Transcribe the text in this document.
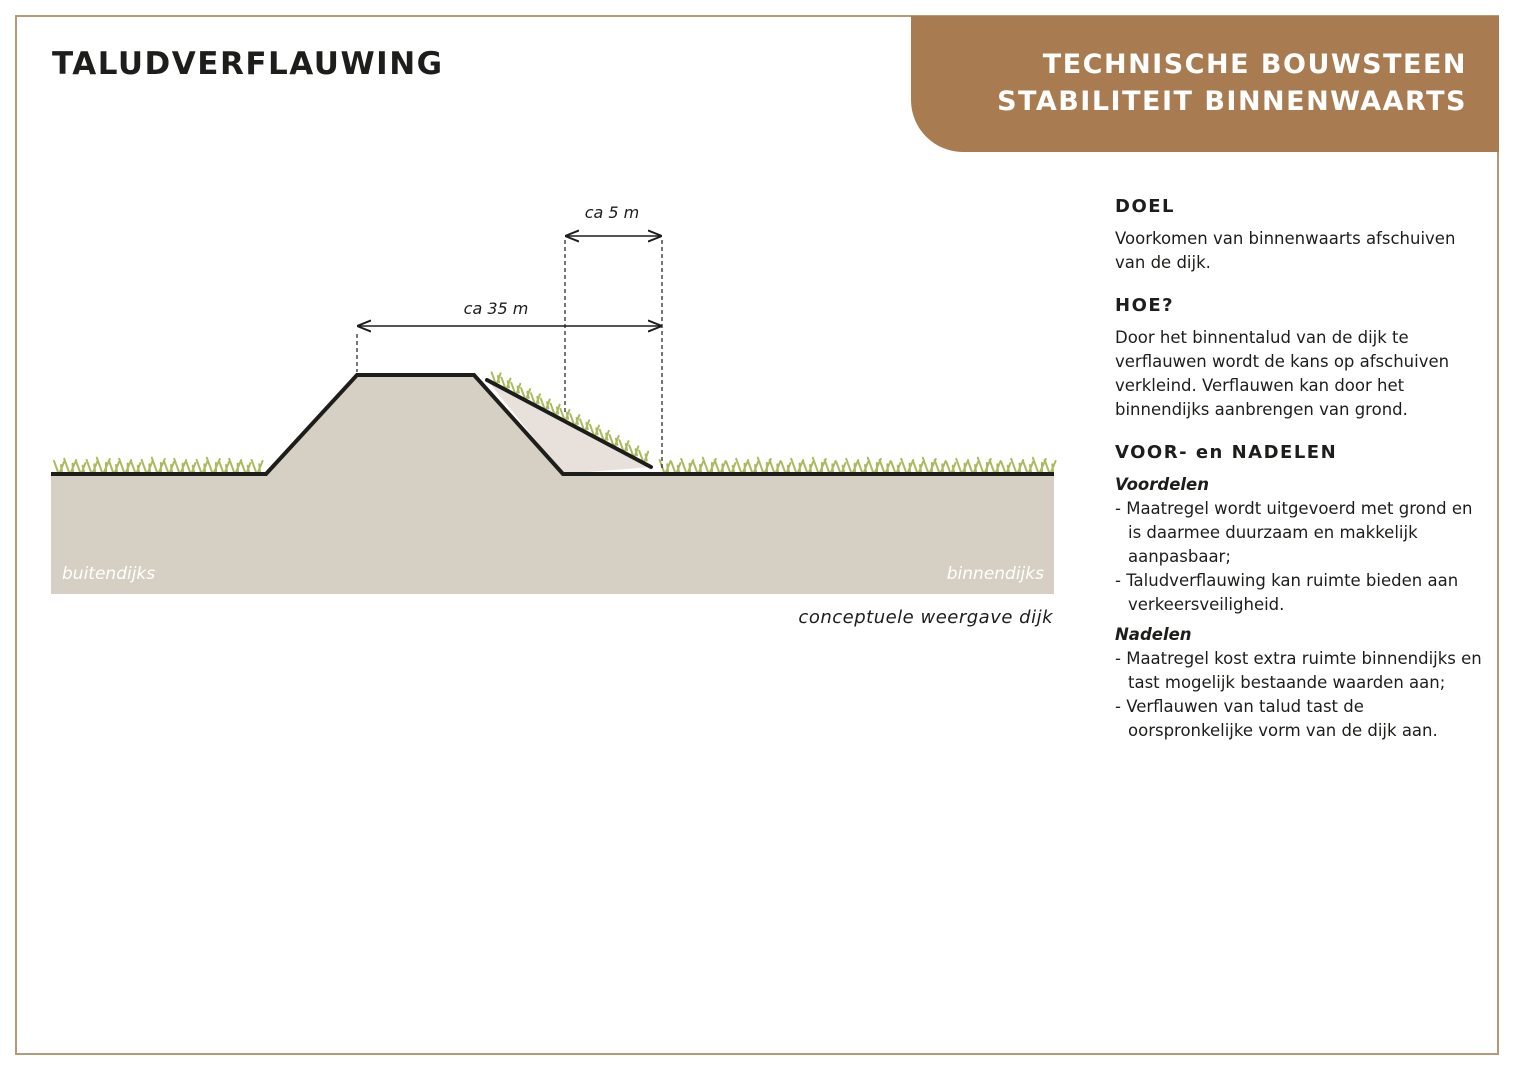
TALUDVERFLAUWING	TECHNISCHE BOUWSTEEN
STABILITEIT BINNENWAARTS
ca 5 m
ca 35 m
buitendijks	binnendijks
conceptuele weergave dijk
DOEL

Voorkomen van binnenwaarts afschuiven van de dijk.

HOE?

Door het binnentalud van de dijk te verflauwen wordt de kans op afschuiven verkleind. Verflauwen kan door het binnendijks aanbrengen van grond.

VOOR- en NADELEN

Voordelen

- Maatregel wordt uitgevoerd met grond en is daarmee duurzaam en makkelijk aanpasbaar;
- Taludverflauwing kan ruimte bieden aan verkeersveiligheid.

Nadelen

- Maatregel kost extra ruimte binnendijks en tast mogelijk bestaande waarden aan;
- Verflauwen van talud tast de oorspronkelijke vorm van de dijk aan.
